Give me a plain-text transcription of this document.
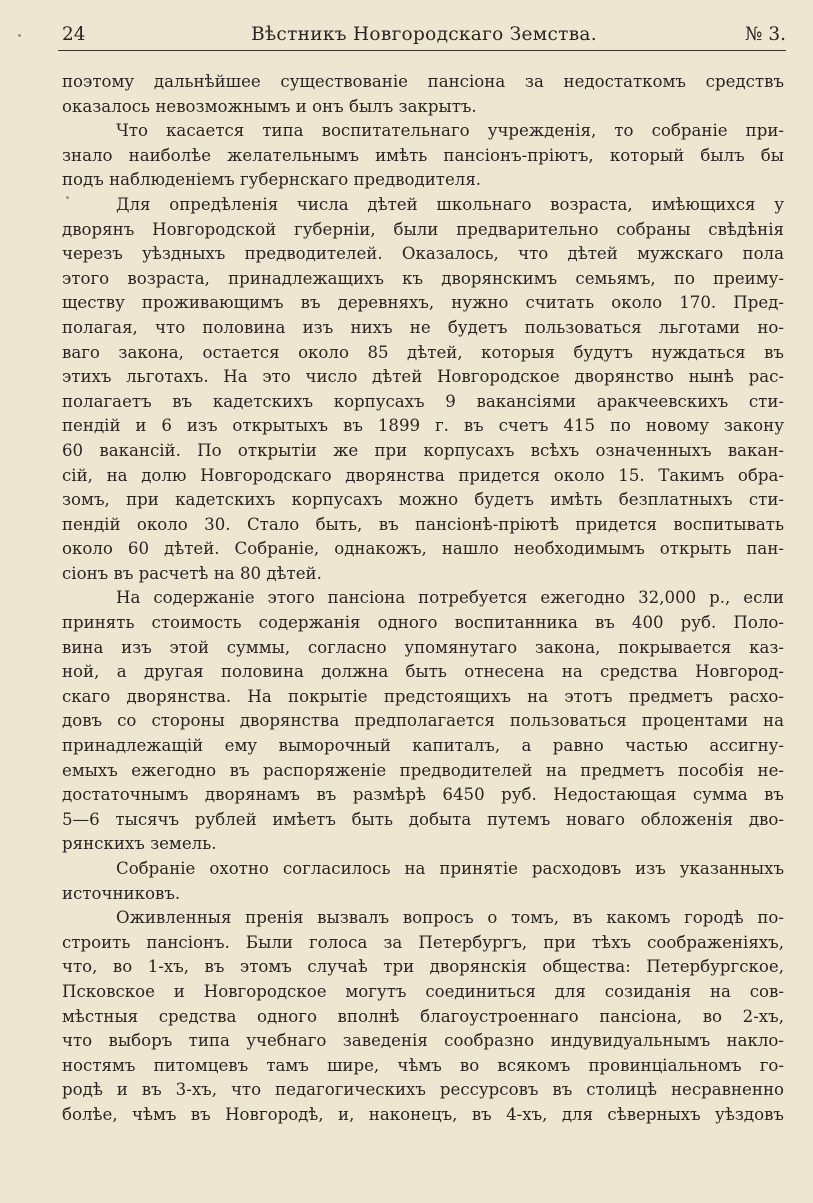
24	Вѣстникъ Новгородскаго Земства.	№ 3.
поэтому дальнѣйшее существованіе пансіона за недостаткомъ средствъ
оказалось невозможнымъ и онъ былъ закрытъ.
Что касается типа воспитательнаго учрежденія, то собраніе при-
знало наиболѣе желательнымъ имѣть пансіонъ-пріютъ, который былъ бы
подъ наблюденіемъ губернскаго предводителя.
Для опредѣленія числа дѣтей школьнаго возраста, имѣющихся у
дворянъ Новгородской губерніи, были предварительно собраны свѣдѣнія
черезъ уѣздныхъ предводителей. Оказалось, что дѣтей мужскаго пола
этого возраста, принадлежащихъ къ дворянскимъ семьямъ, по преиму-
ществу проживающимъ въ деревняхъ, нужно считать около 170. Пред-
полагая, что половина изъ нихъ не будетъ пользоваться льготами но-
ваго закона, остается около 85 дѣтей, которыя будутъ нуждаться въ
этихъ льготахъ. На это число дѣтей Новгородское дворянство нынѣ рас-
полагаетъ въ кадетскихъ корпусахъ 9 вакансіями аракчеевскихъ сти-
пендій и 6 изъ открытыхъ въ 1899 г. въ счетъ 415 по новому закону
60 вакансій. По открытіи же при корпусахъ всѣхъ означенныхъ вакан-
сій, на долю Новгородскаго дворянства придется около 15. Такимъ обра-
зомъ, при кадетскихъ корпусахъ можно будетъ имѣть безплатныхъ сти-
пендій около 30. Стало быть, въ пансіонѣ-пріютѣ придется воспитывать
около 60 дѣтей. Собраніе, однакожъ, нашло необходимымъ открыть пан-
сіонъ въ расчетѣ на 80 дѣтей.
На содержаніе этого пансіона потребуется ежегодно 32,000 р., если
принять стоимость содержанія одного воспитанника въ 400 руб. Поло-
вина изъ этой суммы, согласно упомянутаго закона, покрывается каз-
ной, а другая половина должна быть отнесена на средства Новгород-
скаго дворянства. На покрытіе предстоящихъ на этотъ предметъ расхо-
довъ со стороны дворянства предполагается пользоваться процентами на
принадлежащій ему выморочный капиталъ, а равно частью ассигну-
емыхъ ежегодно въ распоряженіе предводителей на предметъ пособія не-
достаточнымъ дворянамъ въ размѣрѣ 6450 руб. Недостающая сумма въ
5—6 тысячъ рублей имѣетъ быть добыта путемъ новаго обложенія дво-
рянскихъ земель.
Собраніе охотно согласилось на принятіе расходовъ изъ указанныхъ
источниковъ.
Оживленныя пренія вызвалъ вопросъ о томъ, въ какомъ городѣ по-
строить пансіонъ. Были голоса за Петербургъ, при тѣхъ соображеніяхъ,
что, во 1-хъ, въ этомъ случаѣ три дворянскія общества: Петербургское,
Псковское и Новгородское могутъ соединиться для созиданія на сов-
мѣстныя средства одного вполнѣ благоустроеннаго пансіона, во 2-хъ,
что выборъ типа учебнаго заведенія сообразно индувидуальнымъ накло-
ностямъ питомцевъ тамъ шире, чѣмъ во всякомъ провинціальномъ го-
родѣ и въ 3-хъ, что педагогическихъ рессурсовъ въ столицѣ несравненно
болѣе, чѣмъ въ Новгородѣ, и, наконецъ, въ 4-хъ, для сѣверныхъ уѣздовъ
